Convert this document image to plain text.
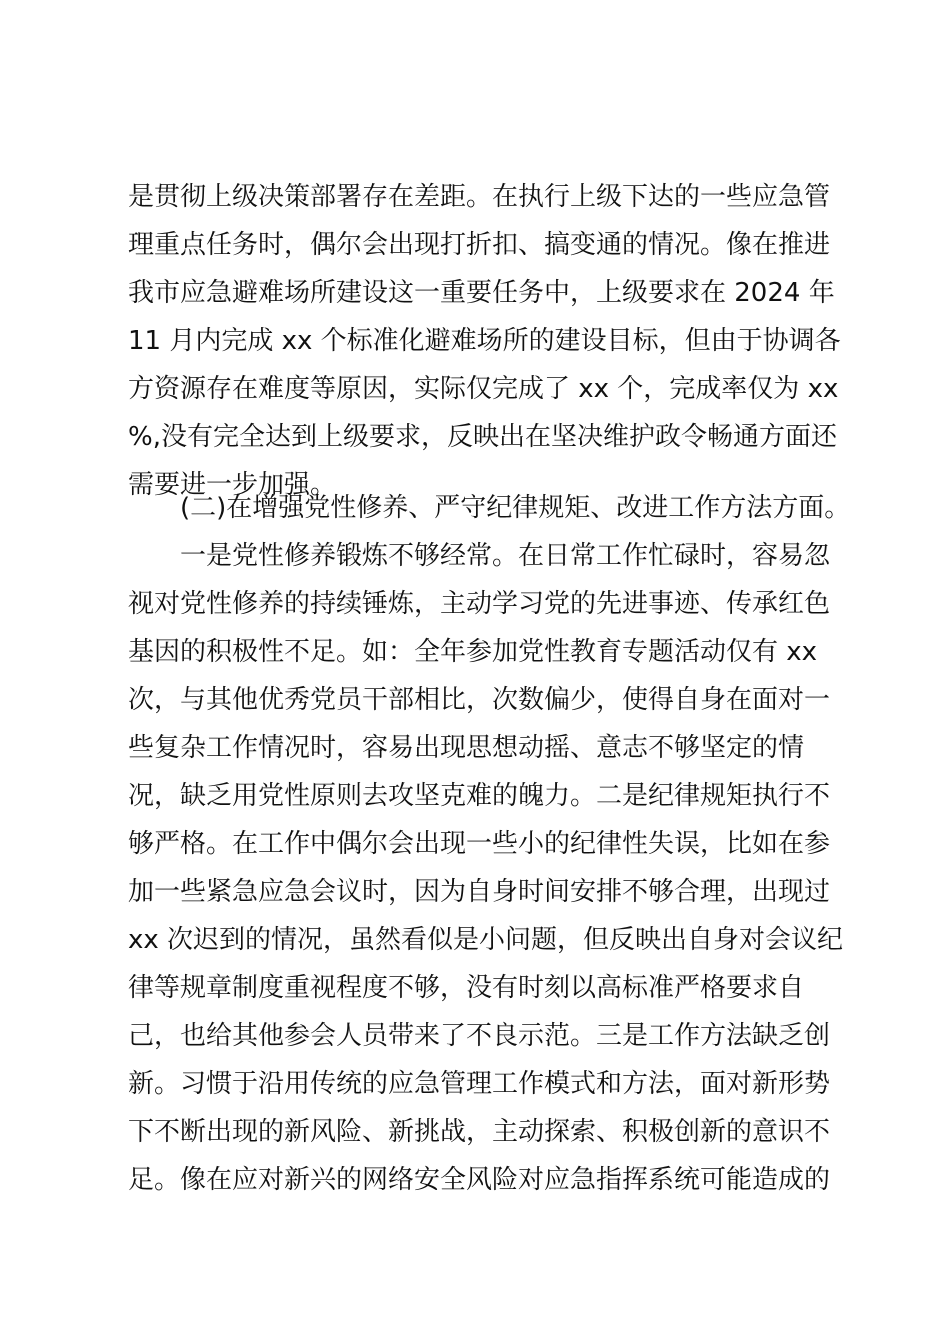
是贯彻上级决策部署存在差距。在执行上级下达的一些应急管
理重点任务时，偶尔会出现打折扣、搞变通的情况。像在推进
我市应急避难场所建设这一重要任务中，上级要求在 2024 年
11 月内完成 xx 个标准化避难场所的建设目标，但由于协调各
方资源存在难度等原因，实际仅完成了 xx 个，完成率仅为 xx
%,没有完全达到上级要求，反映出在坚决维护政令畅通方面还
需要进一步加强。
(二)在增强党性修养、严守纪律规矩、改进工作方法方面。
一是党性修养锻炼不够经常。在日常工作忙碌时，容易忽
视对党性修养的持续锤炼，主动学习党的先进事迹、传承红色
基因的积极性不足。如：全年参加党性教育专题活动仅有 xx
次，与其他优秀党员干部相比，次数偏少，使得自身在面对一
些复杂工作情况时，容易出现思想动摇、意志不够坚定的情
况，缺乏用党性原则去攻坚克难的魄力。二是纪律规矩执行不
够严格。在工作中偶尔会出现一些小的纪律性失误，比如在参
加一些紧急应急会议时，因为自身时间安排不够合理，出现过
xx 次迟到的情况，虽然看似是小问题，但反映出自身对会议纪
律等规章制度重视程度不够，没有时刻以高标准严格要求自
己，也给其他参会人员带来了不良示范。三是工作方法缺乏创
新。习惯于沿用传统的应急管理工作模式和方法，面对新形势
下不断出现的新风险、新挑战，主动探索、积极创新的意识不
足。像在应对新兴的网络安全风险对应急指挥系统可能造成的
